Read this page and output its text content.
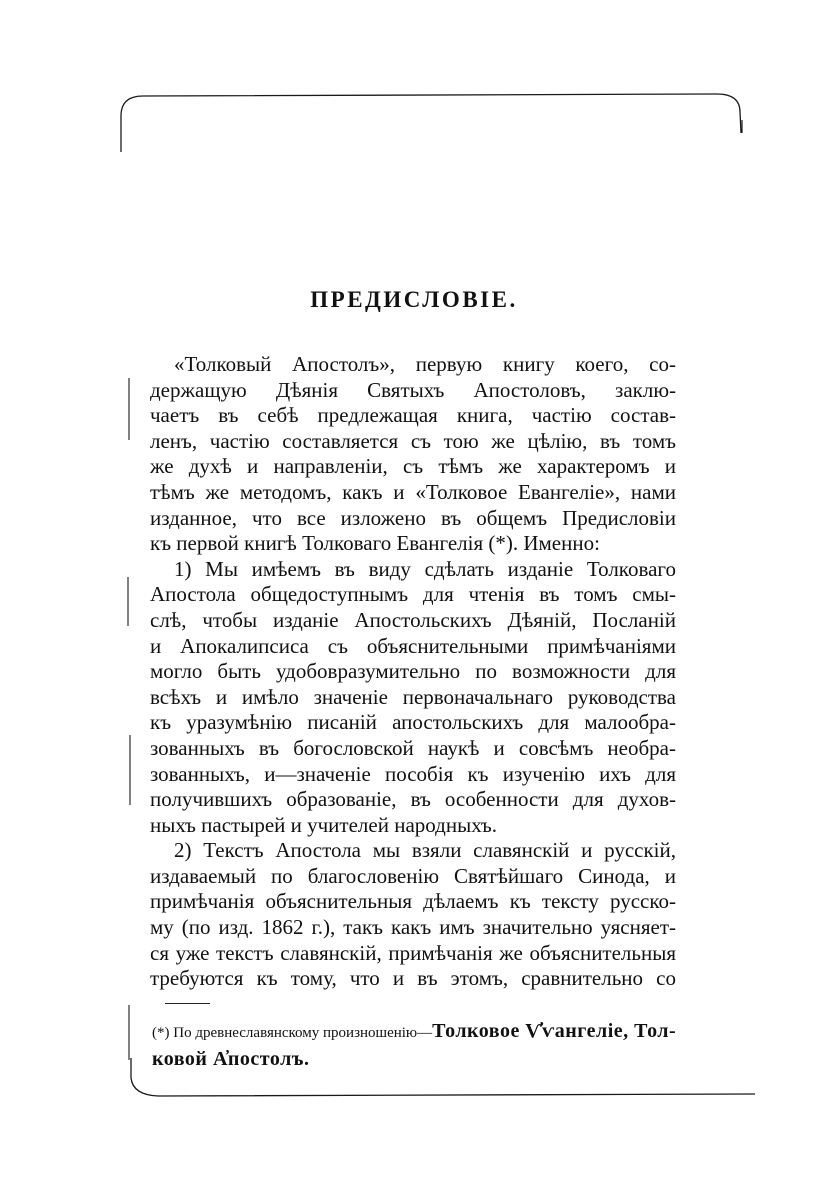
ПРЕДИСЛОВІЕ.
«Толковый Апостолъ», первую книгу коего, со-
держащую Дѣянія Святыхъ Апостоловъ, заклю-
чаетъ въ себѣ предлежащая книга, частію состав-
ленъ, частію составляется съ тою же цѣлію, въ томъ
же духѣ и направленіи, съ тѣмъ же характеромъ и
тѣмъ же методомъ, какъ и «Толковое Евангеліе», нами
изданное, что все изложено въ общемъ Предисловіи
къ первой книгѣ Толковаго Евангелія (*). Именно:
1) Мы имѣемъ въ виду сдѣлать изданіе Толковаго
Апостола общедоступнымъ для чтенія въ томъ смы-
слѣ, чтобы изданіе Апостольскихъ Дѣяній, Посланій
и Апокалипсиса съ объяснительными примѣчаніями
могло быть удобовразумительно по возможности для
всѣхъ и имѣло значеніе первоначальнаго руководства
къ уразумѣнію писаній апостольскихъ для малообра-
зованныхъ въ богословской наукѣ и совсѣмъ необра-
зованныхъ, и—значеніе пособія къ изученію ихъ для
получившихъ образованіе, въ особенности для духов-
ныхъ пастырей и учителей народныхъ.
2) Текстъ Апостола мы взяли славянскій и русскій,
издаваемый по благословенію Святѣйшаго Синода, и
примѣчанія объяснительныя дѣлаемъ къ тексту русско-
му (по изд. 1862 г.), такъ какъ имъ значительно уясняет-
ся уже текстъ славянскій, примѣчанія же объяснительныя
требуются къ тому, что и въ этомъ, сравнительно со
(*) По древнеславянскому произношенію—Толковое Ѵ҆ѵангеліе, Тол-
ковой А҆постолъ.
